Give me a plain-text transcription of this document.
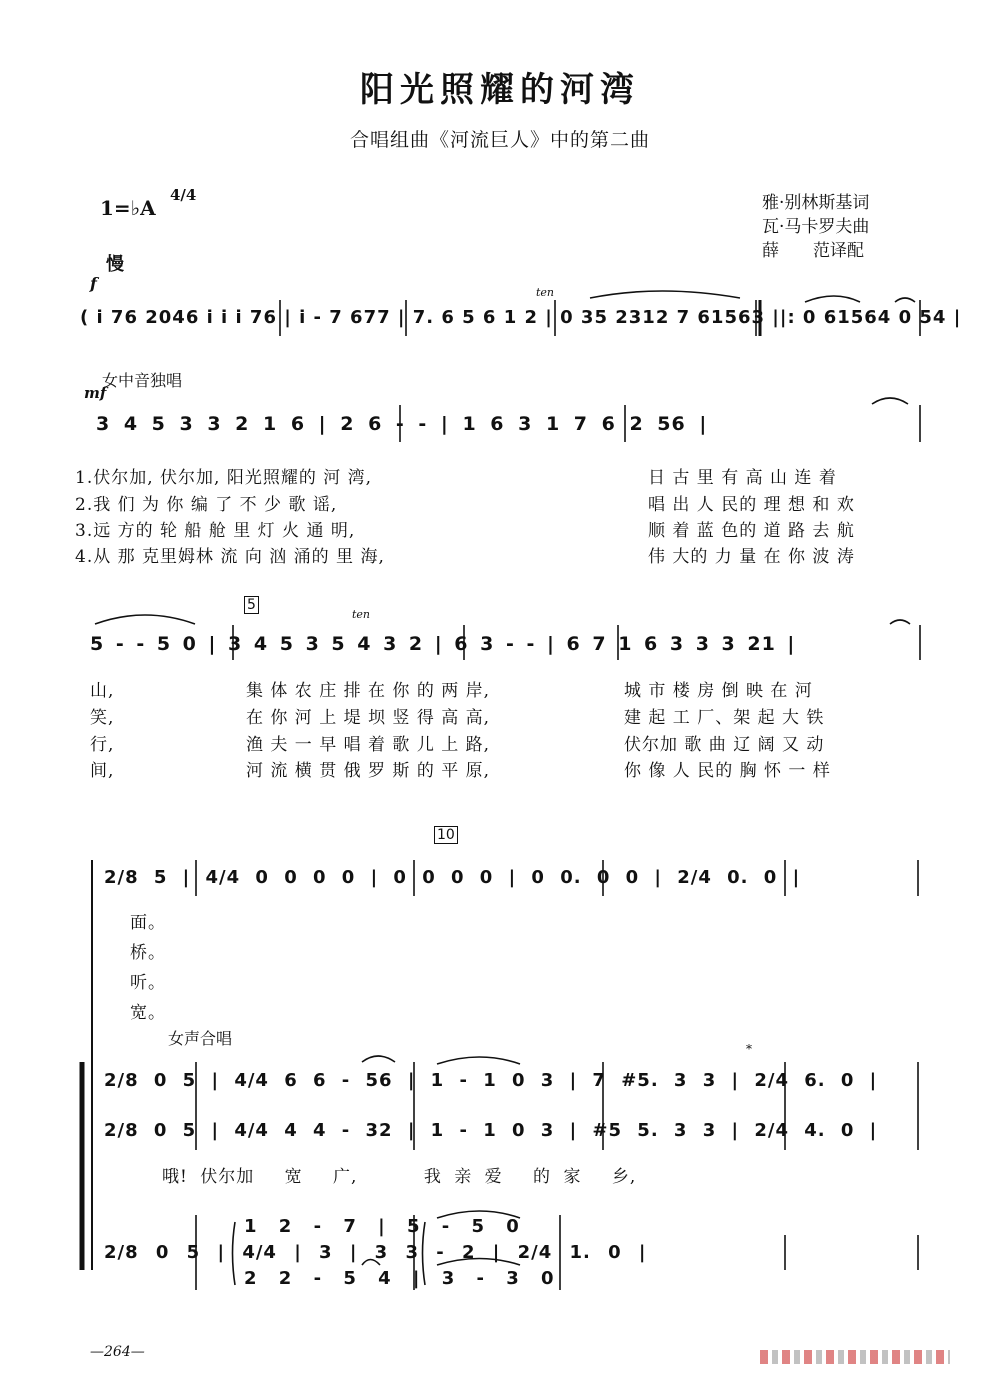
阳光照耀的河湾
合唱组曲《河流巨人》中的第二曲
1=♭A
4/4	雅·别林斯基词
瓦·马卡罗夫曲
薛　　范译配
慢
f	ten
( i 76 2046 i i i 76 | i - 7 677 | 7. 6 5 6 1 2 | 0 35 2312 7 61563 ||: 0 61564 0 54 |
女中音独唱
mf
3 4 5 3 3 2 1 6 | 2 6 - - | 1 6 3 1 7 6 2 56 |
1.伏尔加, 伏尔加, 阳光照耀的 河 湾,
2.我 们 为 你 编 了 不 少 歌 谣,
3.远 方的 轮 船 舱 里 灯 火 通 明,
4.从 那 克里姆林 流 向 汹 涌的 里 海,
日 古 里 有 高 山 连 着
唱 出 人 民的 理 想 和 欢
顺 着 蓝 色的 道 路 去 航
伟 大的 力 量 在 你 波 涛
5
ten
5 - - 5 0 | 3 4 5 3 5 4 3 2 | 6 3 - - | 6 7 1 6 3 3 3 21 |
山,
笑,
行,
间,
集 体 农 庄 排 在 你 的 两 岸,
在 你 河 上 堤 坝 竖 得 高 高,
渔 夫 一 早 唱 着 歌 儿 上 路,
河 流 横 贯 俄 罗 斯 的 平 原,
城 市 楼 房 倒 映 在 河
建 起 工 厂、架 起 大 铁
伏尔加 歌 曲 辽 阔 又 动
你 像 人 民的 胸 怀 一 样
10
2/8 5 | 4/4 0 0 0 0 | 0 0 0 0 | 0 0. 0 0 | 2/4 0. 0 |
面。
桥。
听。
宽。
女声合唱
*
2/8 0 5 | 4/4 6 6 - 56 | 1 - 1 0 3 | 7 #5. 3 3 | 2/4 6. 0 |
2/8 0 5 | 4/4 4 4 - 32 | 1 - 1 0 3 | #5 5. 3 3 | 2/4 4. 0 |
哦! 伏尔加　 宽　 广,　　　 我 亲 爱　 的 家　 乡,
1 2 - 7 | 5 - 5 0
2/8 0 5 | 4/4 | 3 | 3 3 - 2 | 2/4 1. 0 |
2 2 - 5 4 | 3 - 3 0
—264—
